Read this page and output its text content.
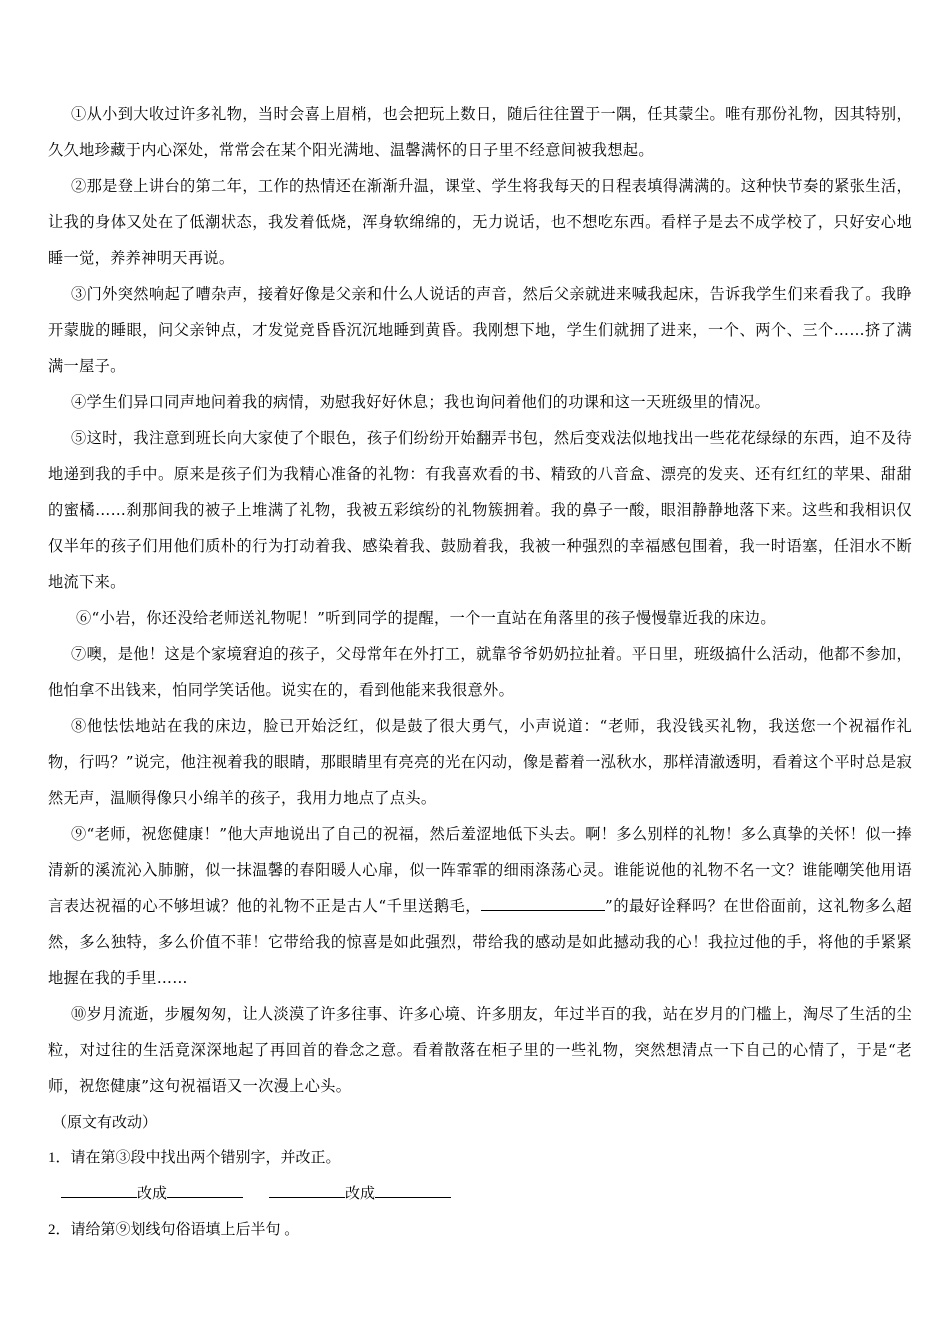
①从小到大收过许多礼物，当时会喜上眉梢，也会把玩上数日，随后往往置于一隅，任其蒙尘。唯有那份礼物，因其特别，久久地珍藏于内心深处，常常会在某个阳光满地、温馨满怀的日子里不经意间被我想起。

②那是登上讲台的第二年，工作的热情还在渐渐升温，课堂、学生将我每天的日程表填得满满的。这种快节奏的紧张生活，让我的身体又处在了低潮状态，我发着低烧，浑身软绵绵的，无力说话，也不想吃东西。看样子是去不成学校了，只好安心地睡一觉，养养神明天再说。

③门外突然响起了嘈杂声，接着好像是父亲和什么人说话的声音，然后父亲就进来喊我起床，告诉我学生们来看我了。我睁开蒙胧的睡眼，问父亲钟点，才发觉竞昏昏沉沉地睡到黄昏。我刚想下地，学生们就拥了进来，一个、两个、三个……挤了满满一屋子。

④学生们异口同声地问着我的病情，劝慰我好好休息；我也询问着他们的功课和这一天班级里的情况。

⑤这时，我注意到班长向大家使了个眼色，孩子们纷纷开始翻弄书包，然后变戏法似地找出一些花花绿绿的东西，迫不及待地递到我的手中。原来是孩子们为我精心准备的礼物：有我喜欢看的书、精致的八音盒、漂亮的发夹、还有红红的苹果、甜甜的蜜橘……刹那间我的被子上堆满了礼物，我被五彩缤纷的礼物簇拥着。我的鼻子一酸，眼泪静静地落下来。这些和我相识仅仅半年的孩子们用他们质朴的行为打动着我、感染着我、鼓励着我，我被一种强烈的幸福感包围着，我一时语塞，任泪水不断地流下来。

⑥“小岩，你还没给老师送礼物呢！”听到同学的提醒，一个一直站在角落里的孩子慢慢靠近我的床边。

⑦噢，是他！这是个家境窘迫的孩子，父母常年在外打工，就靠爷爷奶奶拉扯着。平日里，班级搞什么活动，他都不参加，他怕拿不出钱来，怕同学笑话他。说实在的，看到他能来我很意外。

⑧他怯怯地站在我的床边，脸已开始泛红，似是鼓了很大勇气，小声说道：“老师，我没钱买礼物，我送您一个祝福作礼物，行吗？”说完，他注视着我的眼睛，那眼睛里有亮亮的光在闪动，像是蓄着一泓秋水，那样清澈透明，看着这个平时总是寂然无声，温顺得像只小绵羊的孩子，我用力地点了点头。

⑨“老师，祝您健康！”他大声地说出了自己的祝福，然后羞涩地低下头去。啊！多么别样的礼物！多么真挚的关怀！似一捧清新的溪流沁入肺腑，似一抹温馨的春阳暖人心扉，似一阵霏霏的细雨涤荡心灵。谁能说他的礼物不名一文？谁能嘲笑他用语言表达祝福的心不够坦诚？他的礼物不正是古人“千里送鹅毛，	”的最好诠释吗？在世俗面前，这礼物多么超然，多么独特，多么价值不菲！它带给我的惊喜是如此强烈，带给我的感动是如此撼动我的心！我拉过他的手，将他的手紧紧地握在我的手里……

⑩岁月流逝，步履匆匆，让人淡漠了许多往事、许多心境、许多朋友，年过半百的我，站在岁月的门槛上，淘尽了生活的尘粒，对过往的生活竟深深地起了再回首的眷念之意。看着散落在柜子里的一些礼物，突然想清点一下自己的心情了，于是“老师，祝您健康”这句祝福语又一次漫上心头。

（原文有改动）

1．请在第③段中找出两个错别字，并改正。

改成	改成

2．请给第⑨划线句俗语填上后半句 。
